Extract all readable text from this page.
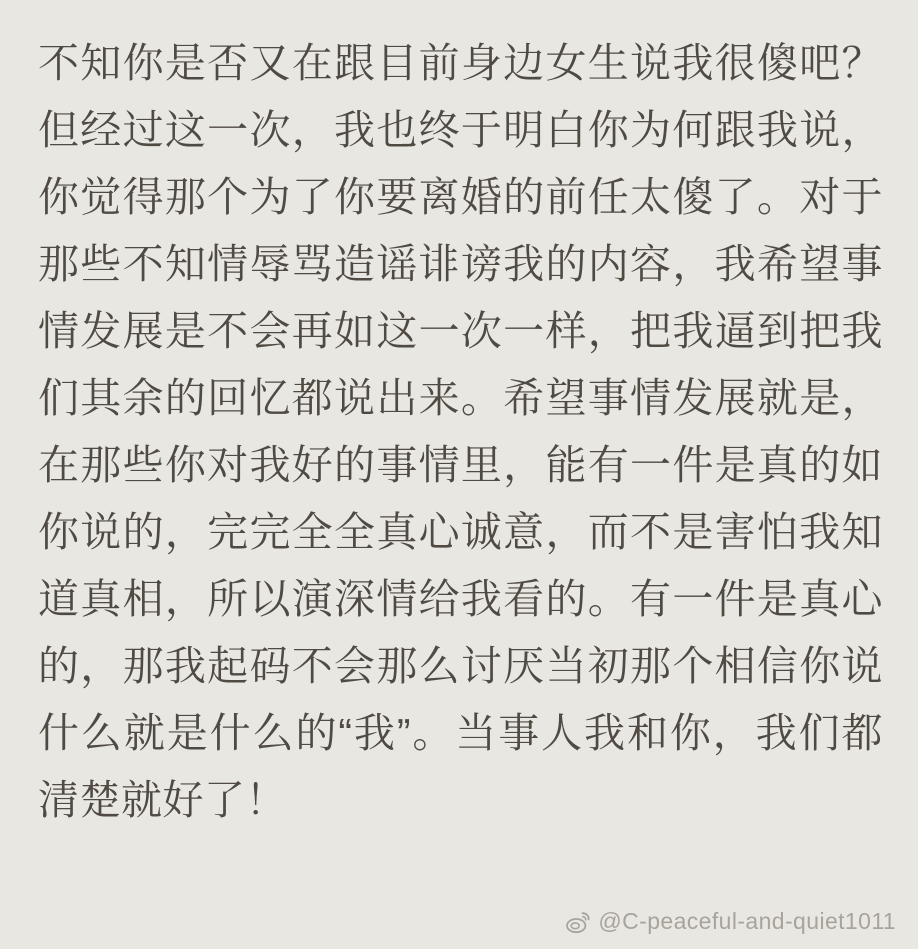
不知你是否又在跟目前身边女生说我很傻吧？但经过这一次，我也终于明白你为何跟我说，你觉得那个为了你要离婚的前任太傻了。对于那些不知情辱骂造谣诽谤我的内容，我希望事情发展是不会再如这一次一样，把我逼到把我们其余的回忆都说出来。希望事情发展就是，在那些你对我好的事情里，能有一件是真的如你说的，完完全全真心诚意，而不是害怕我知道真相，所以演深情给我看的。有一件是真心的，那我起码不会那么讨厌当初那个相信你说什么就是什么的“我”。当事人我和你，我们都清楚就好了！
@C-peaceful-and-quiet1011
